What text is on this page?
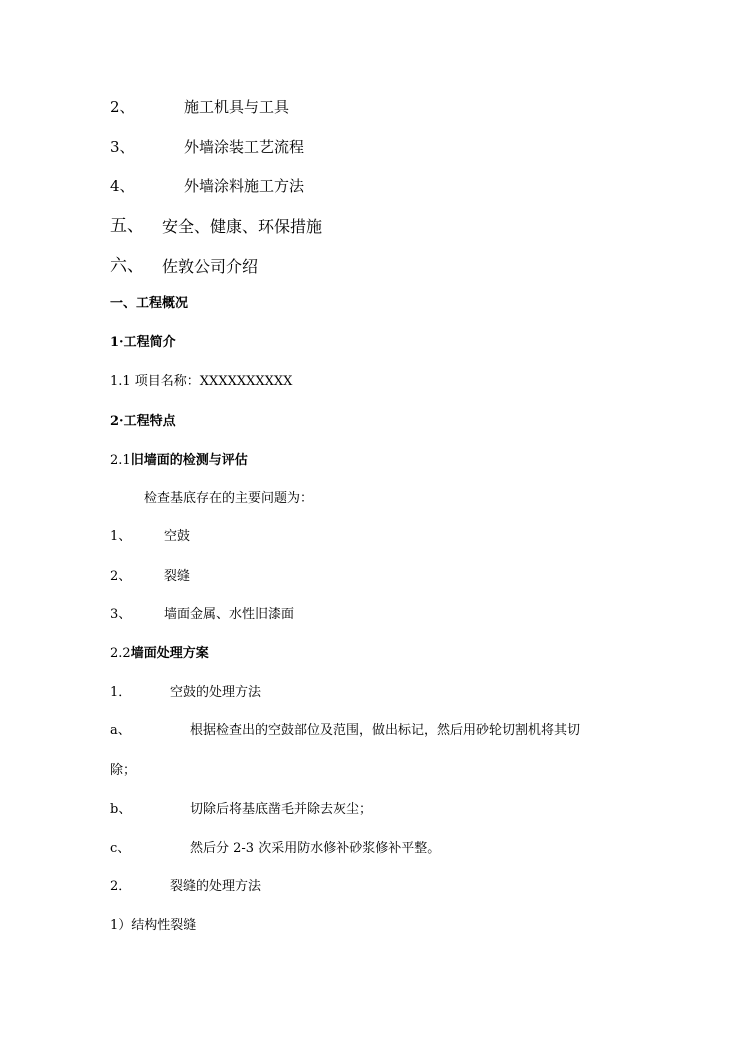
2、	施工机具与工具
3、	外墙涂装工艺流程
4、	外墙涂料施工方法
五、 安全、健康、环保措施
六、 佐敦公司介绍
一、工程概况
1·工程简介
1.1 项目名称：XXXXXXXXXX
2·工程特点
2.1旧墙面的检测与评估
检查基底存在的主要问题为：
1、	空鼓
2、	裂缝
3、	墙面金属、水性旧漆面
2.2墙面处理方案
1．	空鼓的处理方法
a、	根据检查出的空鼓部位及范围，做出标记，然后用砂轮切割机将其切
除；
b、	切除后将基底凿毛并除去灰尘；
c、	然后分 2-3 次采用防水修补砂浆修补平整。
2．	裂缝的处理方法
1）结构性裂缝
